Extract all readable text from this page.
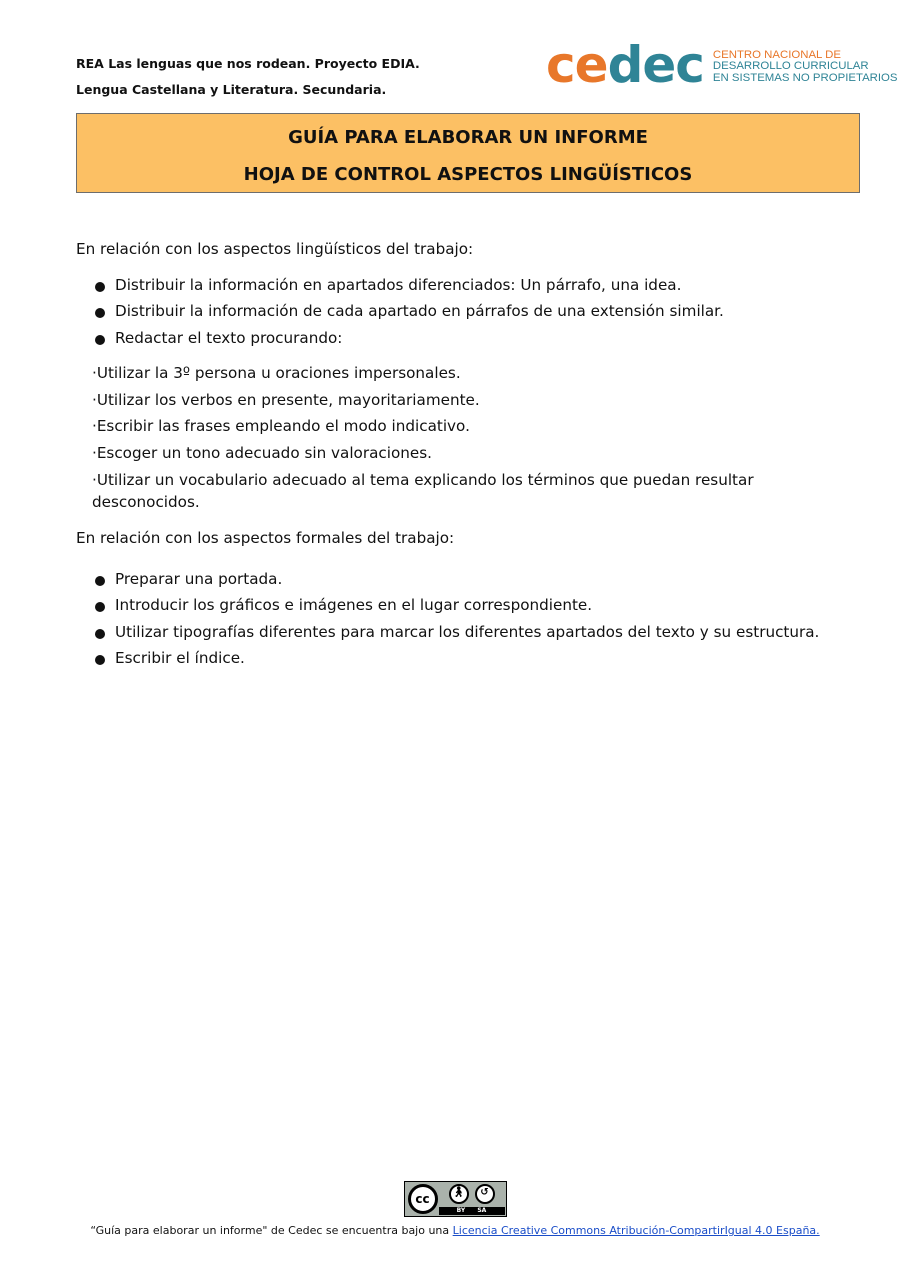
REA Las lenguas que nos rodean. Proyecto EDIA.
Lengua Castellana y Literatura. Secundaria.	cedec CENTRO NACIONAL DE
DESARROLLO CURRICULAR
EN SISTEMAS NO PROPIETARIOS
GUÍA PARA ELABORAR UN INFORME
HOJA DE CONTROL ASPECTOS LINGÜÍSTICOS

En relación con los aspectos lingüísticos del trabajo:

Distribuir la información en apartados diferenciados: Un párrafo, una idea.
Distribuir la información de cada apartado en párrafos de una extensión similar.
Redactar el texto procurando:

·Utilizar la 3º persona u oraciones impersonales.

·Utilizar los verbos en presente, mayoritariamente.

·Escribir las frases empleando el modo indicativo.

·Escoger un tono adecuado sin valoraciones.

·Utilizar un vocabulario adecuado al tema explicando los términos que puedan resultar desconocidos.

En relación con los aspectos formales del trabajo:

Preparar una portada.
Introducir los gráficos e imágenes en el lugar correspondiente.
Utilizar tipografías diferentes para marcar los diferentes apartados del texto y su estructura.
Escribir el índice.
cc	🚶︎	↺
BY SA
“Guía para elaborar un informe" de Cedec se encuentra bajo una Licencia Creative Commons Atribución-CompartirIgual 4.0 España.
